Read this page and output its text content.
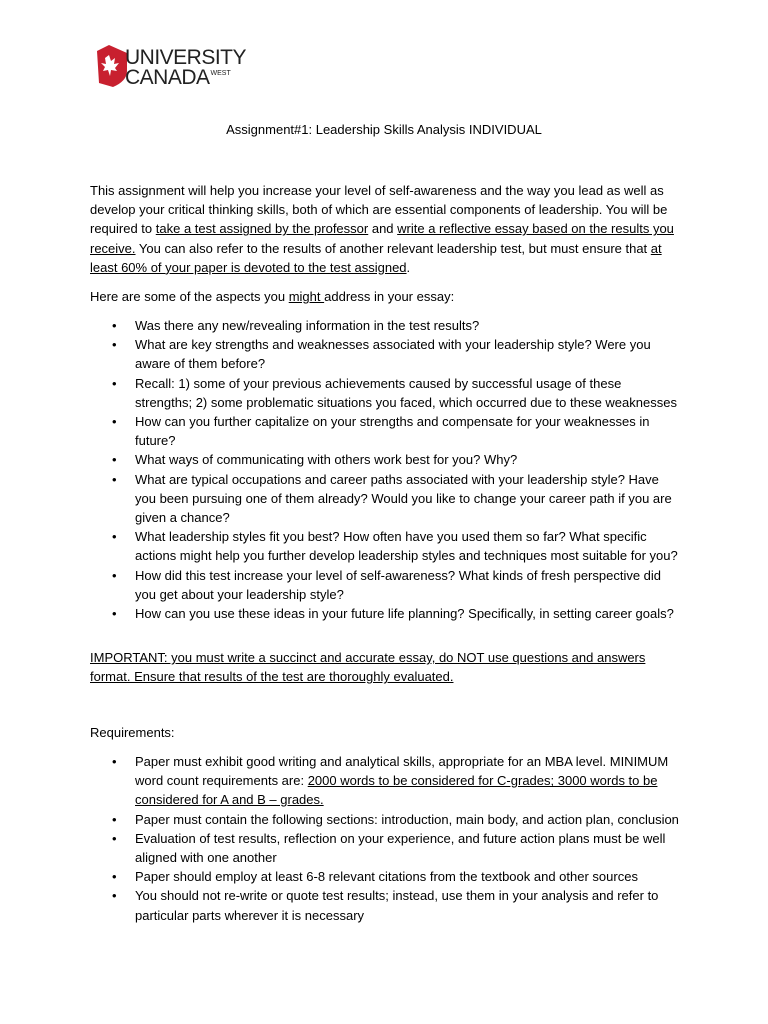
UNIVERSITY
$CANADA^{WEST}$
Assignment#1: Leadership Skills Analysis INDIVIDUAL
This assignment will help you increase your level of self-awareness and the way you lead as well as develop your critical thinking skills, both of which are essential components of leadership. You will be required to take a test assigned by the professor and write a reflective essay based on the results you receive. You can also refer to the results of another relevant leadership test, but must ensure that at least 60% of your paper is devoted to the test assigned.
Here are some of the aspects you might address in your essay:
• Was there any new/revealing information in the test results?
• What are key strengths and weaknesses associated with your leadership style? Were you aware of them before?
• Recall: 1) some of your previous achievements caused by successful usage of these strengths; 2) some problematic situations you faced, which occurred due to these weaknesses
• How can you further capitalize on your strengths and compensate for your weaknesses in future?
• What ways of communicating with others work best for you? Why?
• What are typical occupations and career paths associated with your leadership style? Have you been pursuing one of them already? Would you like to change your career path if you are given a chance?
• What leadership styles fit you best? How often have you used them so far? What specific actions might help you further develop leadership styles and techniques most suitable for you?
• How did this test increase your level of self-awareness? What kinds of fresh perspective did you get about your leadership style?
• How can you use these ideas in your future life planning? Specifically, in setting career goals?
IMPORTANT: you must write a succinct and accurate essay, do NOT use questions and answers format. Ensure that results of the test are thoroughly evaluated.
Requirements:
• Paper must exhibit good writing and analytical skills, appropriate for an MBA level. MINIMUM word count requirements are: 2000 words to be considered for C-grades; 3000 words to be considered for A and B – grades.
• Paper must contain the following sections: introduction, main body, and action plan, conclusion
• Evaluation of test results, reflection on your experience, and future action plans must be well aligned with one another
• Paper should employ at least 6-8 relevant citations from the textbook and other sources
• You should not re-write or quote test results; instead, use them in your analysis and refer to particular parts wherever it is necessary
